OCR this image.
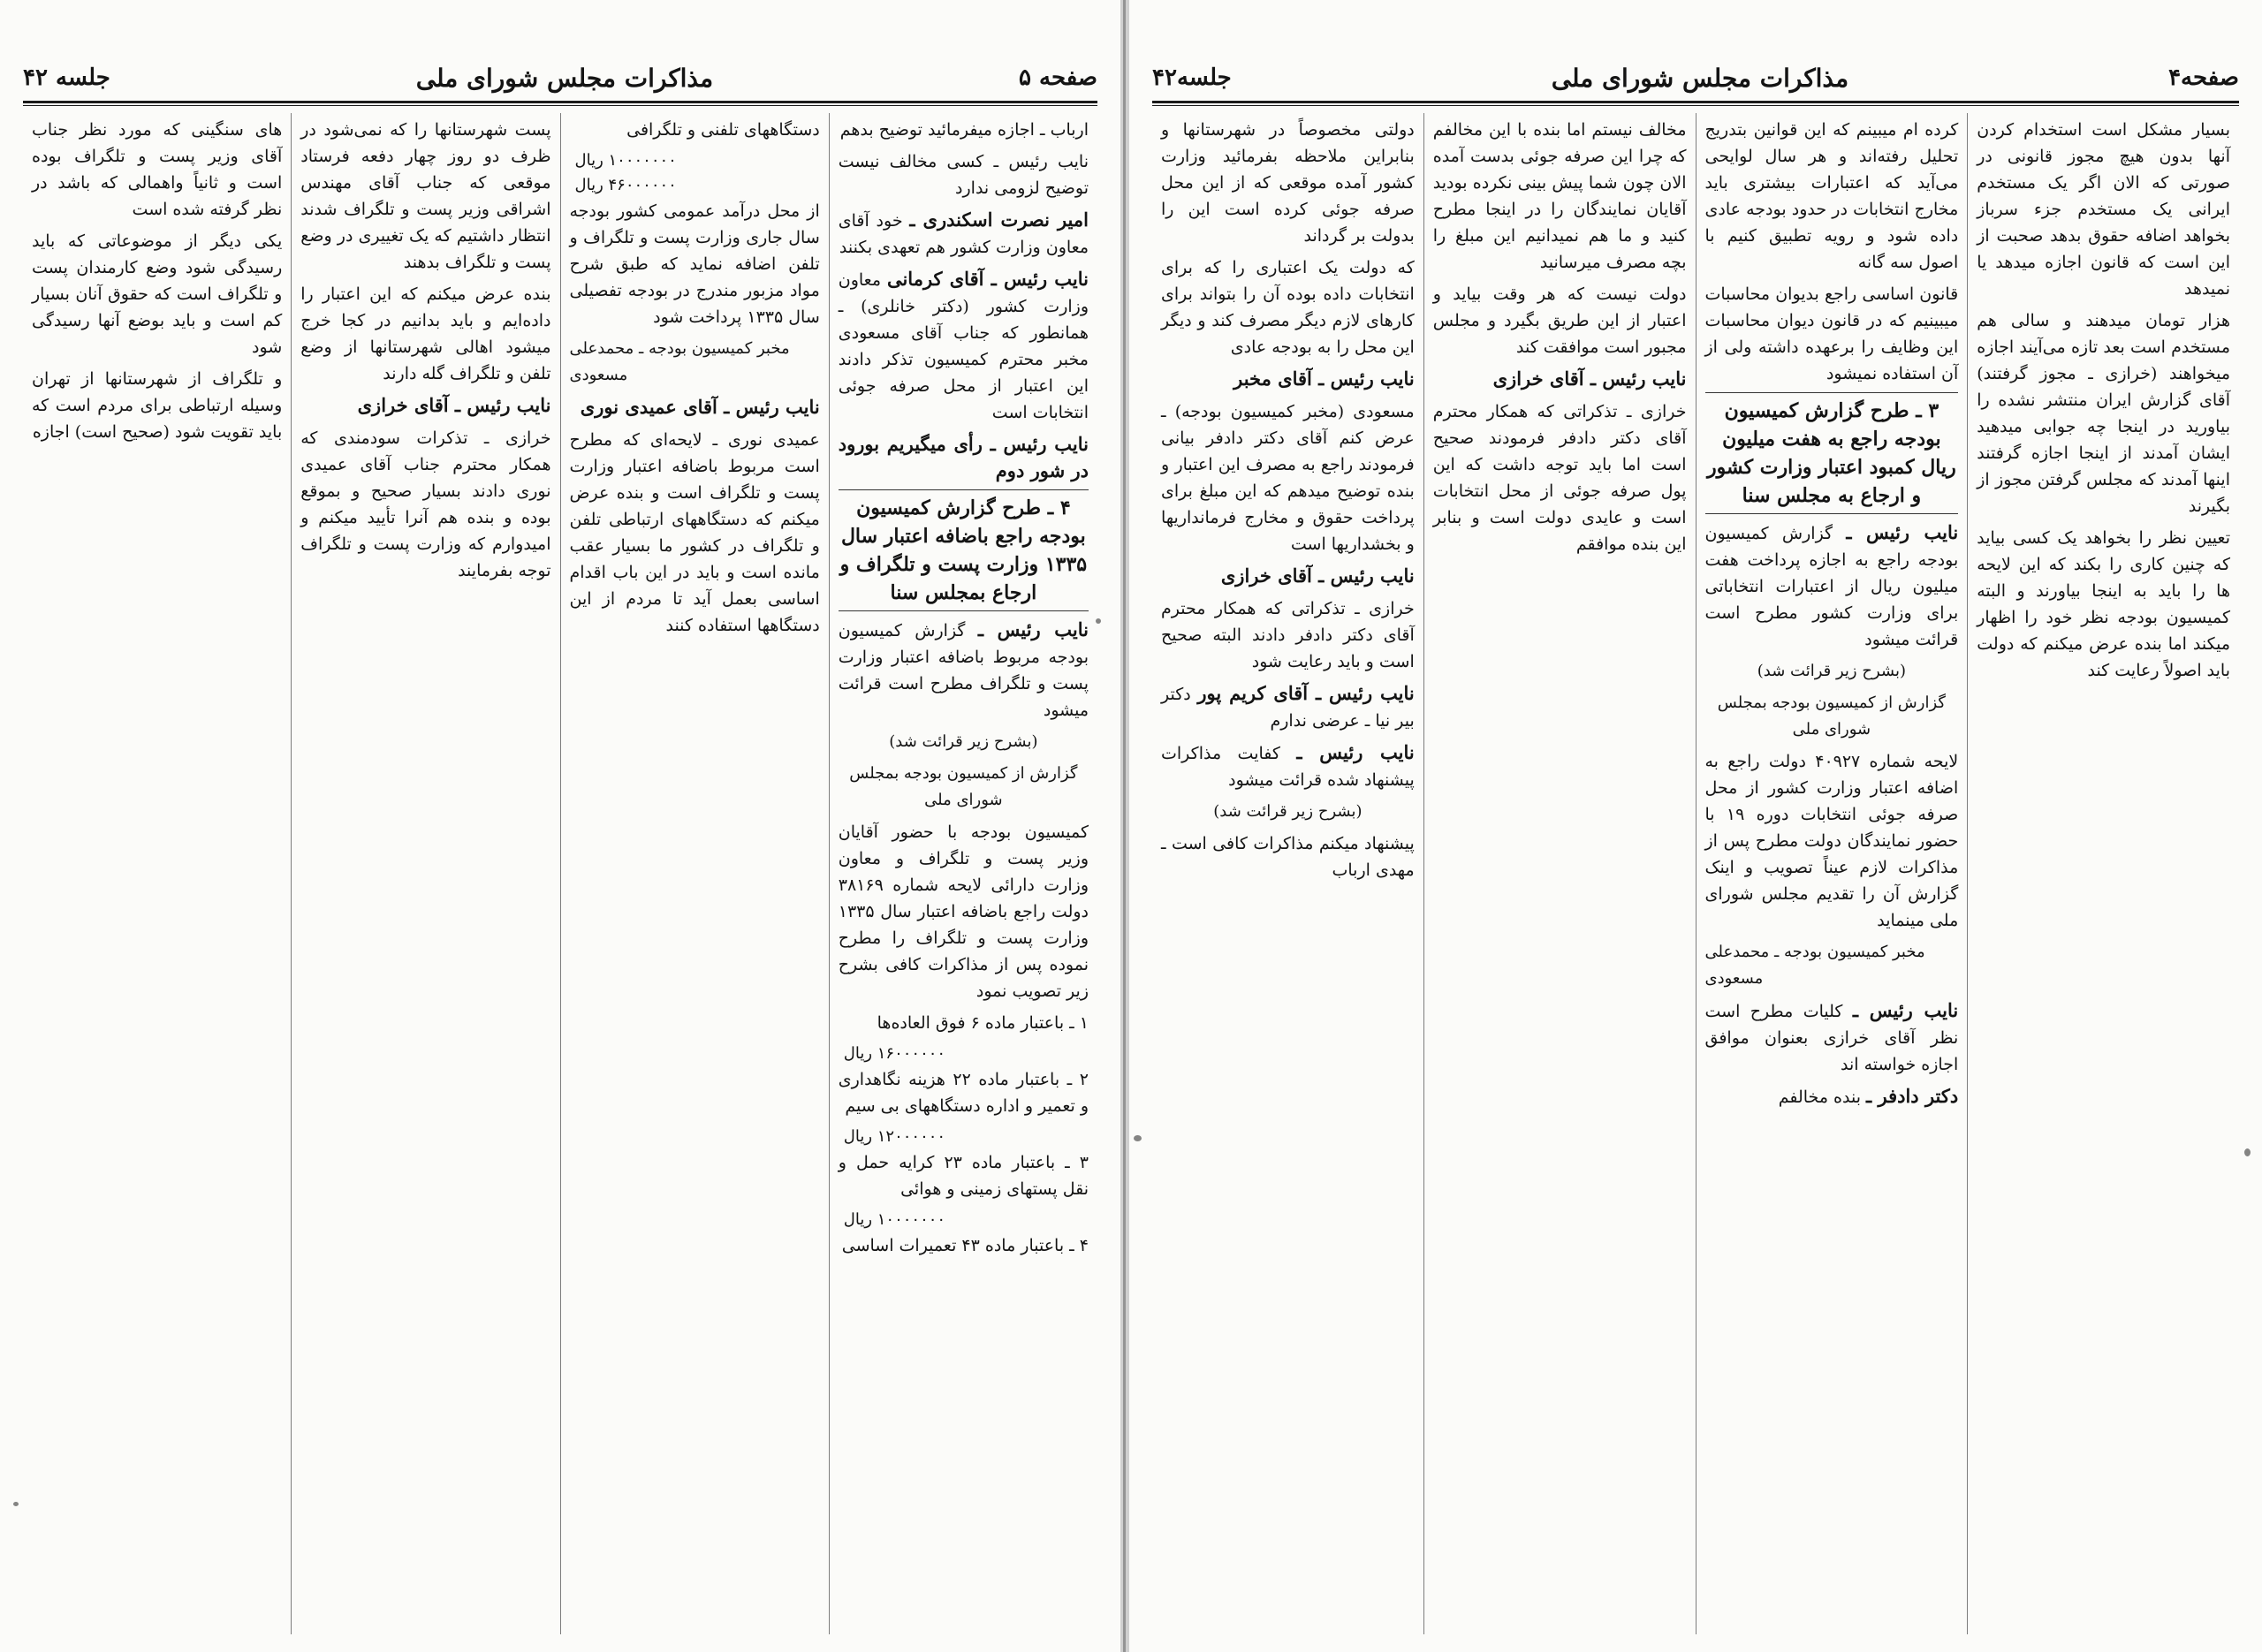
صفحه ۵
مذاکرات مجلس شورای ملی
جلسه ۴۲

ارباب ـ اجازه میفرمائید توضیح بدهم

نایب رئیس ـ کسی مخالف نیست توضیح لزومی ندارد

امیر نصرت اسکندری ـ خود آقای معاون وزارت کشور هم تعهدی بکنند

نایب رئیس ـ آقای کرمانی معاون وزارت کشور (دکتر خانلری) ـ همانطور که جناب آقای مسعودی مخبر محترم کمیسیون تذکر دادند این اعتبار از محل صرفه جوئی انتخابات است

نایب رئیس ـ رأی میگیریم بورود در شور دوم

۴ ـ طرح گزارش کمیسیون بودجه راجع باضافه اعتبار سال ۱۳۳۵ وزارت پست و تلگراف و ارجاع بمجلس سنا

نایب رئیس ـ گزارش کمیسیون بودجه مربوط باضافه اعتبار وزارت پست و تلگراف مطرح است قرائت میشود

(بشرح زیر قرائت شد)

گزارش از کمیسیون بودجه بمجلس شورای ملی

کمیسیون بودجه با حضور آقایان وزیر پست و تلگراف و معاون وزارت دارائی لایحه شماره ۳۸۱۶۹ دولت راجع باضافه اعتبار سال ۱۳۳۵ وزارت پست و تلگراف را مطرح نموده پس از مذاکرات کافی بشرح زیر تصویب نمود

۱ ـ باعتبار ماده ۶ فوق العاده‌ها

۱۶۰۰۰۰۰۰ ریال

۲ ـ باعتبار ماده ۲۲ هزینه نگاهداری و تعمیر و اداره دستگاههای بی سیم

۱۲۰۰۰۰۰۰ ریال

۳ ـ باعتبار ماده ۲۳ کرایه حمل و نقل پستهای زمینی و هوائی

۱۰۰۰۰۰۰۰ ریال

۴ ـ باعتبار ماده ۴۳ تعمیرات اساسی

دستگاههای تلفنی و تلگرافی

۱۰۰۰۰۰۰۰ ریال
۴۶۰۰۰۰۰۰ ریال

از محل درآمد عمومی کشور بودجه سال جاری وزارت پست و تلگراف و تلفن اضافه نماید که طبق شرح مواد مزبور مندرج در بودجه تفصیلی سال ۱۳۳۵ پرداخت شود

مخبر کمیسیون بودجه ـ محمدعلی مسعودی

نایب رئیس ـ آقای عمیدی نوری

عمیدی نوری ـ لایحه‌ای که مطرح است مربوط باضافه اعتبار وزارت پست و تلگراف است و بنده عرض میکنم که دستگاههای ارتباطی تلفن و تلگراف در کشور ما بسیار عقب مانده است و باید در این باب اقدام اساسی بعمل آید تا مردم از این دستگاهها استفاده کنند

پست شهرستانها را که نمی‌شود در ظرف دو روز چهار دفعه فرستاد موقعی که جناب آقای مهندس اشراقی وزیر پست و تلگراف شدند انتظار داشتیم که یک تغییری در وضع پست و تلگراف بدهند

بنده عرض میکنم که این اعتبار را داده‌ایم و باید بدانیم در کجا خرج میشود اهالی شهرستانها از وضع تلفن و تلگراف گله دارند

نایب رئیس ـ آقای خرازی

خرازی ـ تذکرات سودمندی که همکار محترم جناب آقای عمیدی نوری دادند بسیار صحیح و بموقع بوده و بنده هم آنرا تأیید میکنم و امیدوارم که وزارت پست و تلگراف توجه بفرمایند

های سنگینی که مورد نظر جناب آقای وزیر پست و تلگراف بوده است و ثانیاً واهمالی که باشد در نظر گرفته شده است

یکی دیگر از موضوعاتی که باید رسیدگی شود وضع کارمندان پست و تلگراف است که حقوق آنان بسیار کم است و باید بوضع آنها رسیدگی شود

و تلگراف از شهرستانها از تهران وسیله ارتباطی برای مردم است که باید تقویت شود (صحیح است) اجازه

صفحه۴
مذاکرات مجلس شورای ملی
جلسه۴۲

بسیار مشکل است استخدام کردن آنها بدون هیچ مجوز قانونی در صورتی که الان اگر یک مستخدم ایرانی یک مستخدم جزء سرباز بخواهد اضافه حقوق بدهد صحبت از این است که قانون اجازه میدهد یا نمیدهد

هزار تومان میدهند و سالی هم مستخدم است بعد تازه می‌آیند اجازه میخواهند (خرازی ـ مجوز گرفتند) آقای گزارش ایران منتشر نشده را بیاورید در اینجا چه جوابی میدهید ایشان آمدند از اینجا اجازه گرفتند اینها آمدند که مجلس گرفتن مجوز از بگیرند

تعیین نظر را بخواهد یک کسی بیاید که چنین کاری را بکند که این لایحه ها را باید به اینجا بیاورند و البته کمیسیون بودجه نظر خود را اظهار میکند اما بنده عرض میکنم که دولت باید اصولاً رعایت کند

کرده ام میبینم که این قوانین بتدریج تحلیل رفته‌اند و هر سال لوایحی می‌آید که اعتبارات بیشتری باید مخارج انتخابات در حدود بودجه عادی داده شود و رویه تطبیق کنیم با اصول سه گانه

قانون اساسی راجع بدیوان محاسبات میبینیم که در قانون دیوان محاسبات این وظایف را برعهده داشته ولی از آن استفاده نمیشود

۳ ـ طرح گزارش کمیسیون بودجه راجع به هفت میلیون ریال کمبود اعتبار وزارت کشور و ارجاع به مجلس سنا

نایب رئیس ـ گزارش کمیسیون بودجه راجع به اجازه پرداخت هفت میلیون ریال از اعتبارات انتخاباتی برای وزارت کشور مطرح است قرائت میشود

(بشرح زیر قرائت شد)

گزارش از کمیسیون بودجه بمجلس شورای ملی

لایحه شماره ۴۰۹۲۷ دولت راجع به اضافه اعتبار وزارت کشور از محل صرفه جوئی انتخابات دوره ۱۹ با حضور نمایندگان دولت مطرح پس از مذاکرات لازم عیناً تصویب و اینک گزارش آن را تقدیم مجلس شورای ملی مینماید

مخبر کمیسیون بودجه ـ محمدعلی مسعودی

نایب رئیس ـ کلیات مطرح است نظر آقای خرازی بعنوان موافق اجازه خواسته اند

دکتر دادفر ـ بنده مخالفم

مخالف نیستم اما بنده با این مخالفم که چرا این صرفه جوئی بدست آمده الان چون شما پیش بینی نکرده بودید آقایان نمایندگان را در اینجا مطرح کنید و ما هم نمیدانیم این مبلغ را بچه مصرف میرسانید

دولت نیست که هر وقت بیاید و اعتبار از این طریق بگیرد و مجلس مجبور است موافقت کند

نایب رئیس ـ آقای خرازی

خرازی ـ تذکراتی که همکار محترم آقای دکتر دادفر فرمودند صحیح است اما باید توجه داشت که این پول صرفه جوئی از محل انتخابات است و عایدی دولت است و بنابر این بنده موافقم

دولتی مخصوصاً در شهرستانها و بنابراین ملاحظه بفرمائید وزارت کشور آمده موقعی که از این محل صرفه جوئی کرده است این را بدولت بر گرداند

که دولت یک اعتباری را که برای انتخابات داده بوده آن را بتواند برای کارهای لازم دیگر مصرف کند و دیگر این محل را به بودجه عادی

نایب رئیس ـ آقای مخبر

مسعودی (مخبر کمیسیون بودجه) ـ عرض کنم آقای دکتر دادفر بیانی فرمودند راجع به مصرف این اعتبار و بنده توضیح میدهم که این مبلغ برای پرداخت حقوق و مخارج فرمانداریها و بخشداریها است

نایب رئیس ـ آقای خرازی

خرازی ـ تذکراتی که همکار محترم آقای دکتر دادفر دادند البته صحیح است و باید رعایت شود

نایب رئیس ـ آقای کریم پور دکتر بیر نیا ـ عرضی ندارم

نایب رئیس ـ کفایت مذاکرات پیشنهاد شده قرائت میشود

(بشرح زیر قرائت شد)

پیشنهاد میکنم مذاکرات کافی است ـ مهدی ارباب
